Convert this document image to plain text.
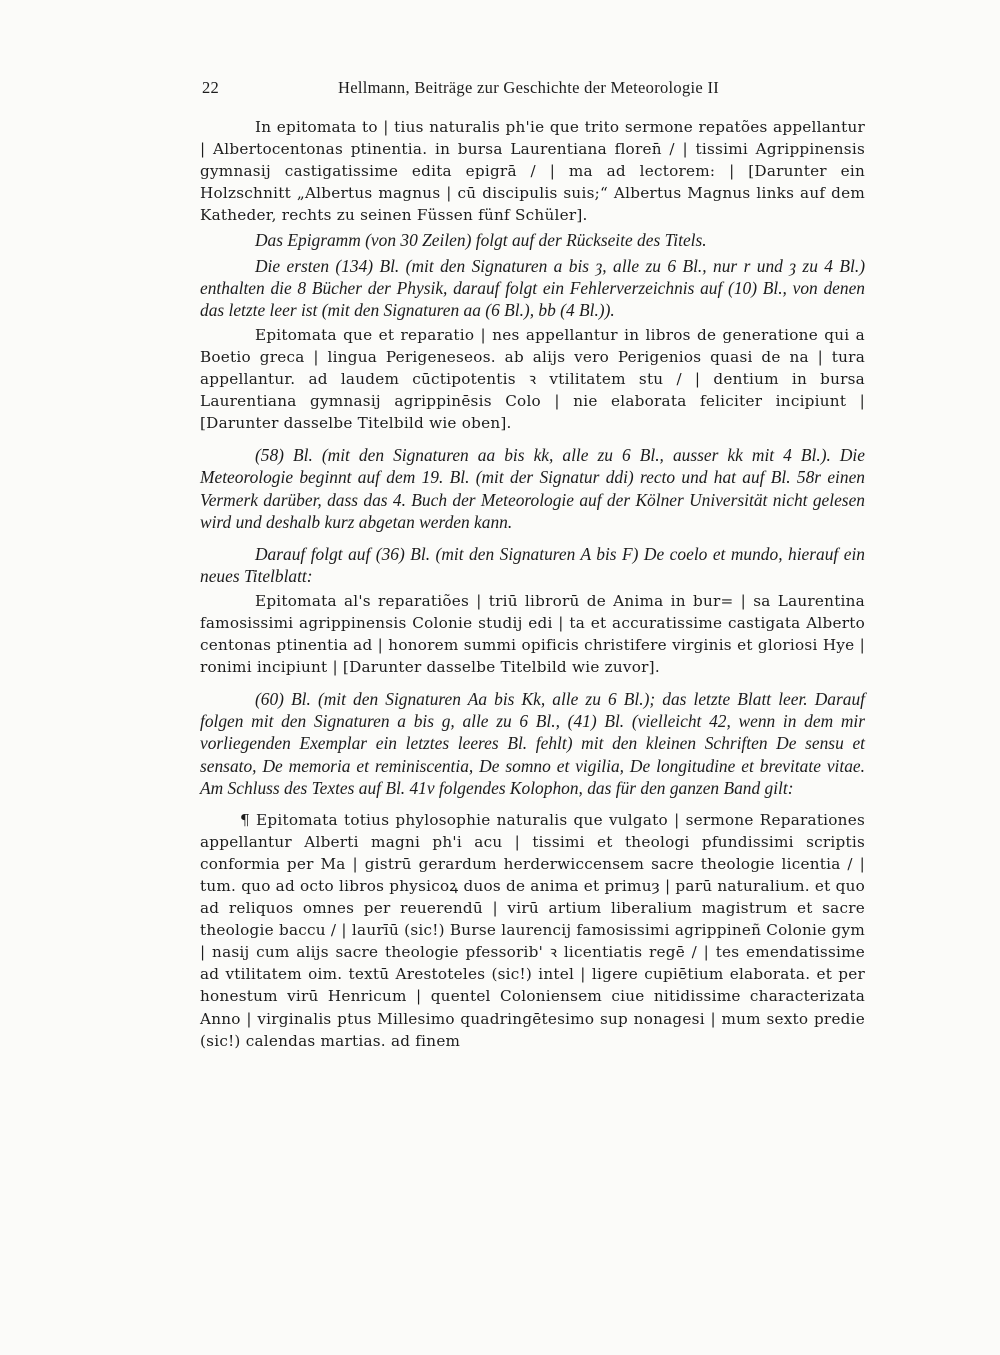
22	Hellmann, Beiträge zur Geschichte der Meteorologie II

In epitomata to | tius naturalis ph'ie que trito sermone repatões appellantur | Albertocentonas ptinentia. in bursa Laurentiana floren̄ / | tissimi Agrippinensis gymnasij castigatissime edita epigrā / | ma ad lectorem: | [Darunter ein Holzschnitt „Albertus magnus | cū discipulis suis;“ Albertus Magnus links auf dem Katheder, rechts zu seinen Füssen fünf Schüler].

Das Epigramm (von 30 Zeilen) folgt auf der Rückseite des Titels.

Die ersten (134) Bl. (mit den Signaturen a bis ȝ, alle zu 6 Bl., nur r und ȝ zu 4 Bl.) enthalten die 8 Bücher der Physik, darauf folgt ein Fehlerverzeichnis auf (10) Bl., von denen das letzte leer ist (mit den Signaturen aa (6 Bl.), bb (4 Bl.)).

Epitomata que et reparatio | nes appellantur in libros de generatione qui a Boetio greca | lingua Perigeneseos. ab alijs vero Perigenios quasi de na | tura appellantur. ad laudem cūctipotentis ꝛ vtilitatem stu / | dentium in bursa Laurentiana gymnasij agrippinēsis Colo | nie elaborata feliciter incipiunt | [Darunter dasselbe Titelbild wie oben].

(58) Bl. (mit den Signaturen aa bis kk, alle zu 6 Bl., ausser kk mit 4 Bl.). Die Meteorologie beginnt auf dem 19. Bl. (mit der Signatur ddi) recto und hat auf Bl. 58r einen Vermerk darüber, dass das 4. Buch der Meteorologie auf der Kölner Universität nicht gelesen wird und deshalb kurz abgetan werden kann.

Darauf folgt auf (36) Bl. (mit den Signaturen A bis F) De coelo et mundo, hierauf ein neues Titelblatt:

Epitomata al's reparatiões | triū librorū de Anima in bur= | sa Laurentina famosissimi agrippinensis Colonie studij edi | ta et accuratissime castigata Alberto centonas ptinentia ad | honorem summi opificis christifere virginis et gloriosi Hye | ronimi incipiunt | [Darunter dasselbe Titelbild wie zuvor].

(60) Bl. (mit den Signaturen Aa bis Kk, alle zu 6 Bl.); das letzte Blatt leer. Darauf folgen mit den Signaturen a bis g, alle zu 6 Bl., (41) Bl. (vielleicht 42, wenn in dem mir vorliegenden Exemplar ein letztes leeres Bl. fehlt) mit den kleinen Schriften De sensu et sensato, De memoria et reminiscentia, De somno et vigilia, De longitudine et brevitate vitae. Am Schluss des Textes auf Bl. 41v folgendes Kolophon, das für den ganzen Band gilt:

¶ Epitomata totius phylosophie naturalis que vulgato | sermone Reparationes appellantur Alberti magni ph'i acu | tissimi et theologi pfundissimi scriptis conformia per Ma | gistrū gerardum herderwiccensem sacre theologie licentia / | tum. quo ad octo libros physicoꝝ duos de anima et primuȝ | parū naturalium. et quo ad reliquos omnes per reuerendū | virū artium liberalium magistrum et sacre theologie baccu / | laurīū (sic!) Burse laurencij famosissimi agrippineñ Colonie gym | nasij cum alijs sacre theologie pfessorib' ꝛ licentiatis regē / | tes emendatissime ad vtilitatem oim. textū Arestoteles (sic!) intel | ligere cupiētium elaborata. et per honestum virū Henricum | quentel Coloniensem ciue nitidissime characterizata Anno | virginalis ptus Millesimo quadringētesimo sup nonagesi | mum sexto predie (sic!) calendas martias. ad finem
